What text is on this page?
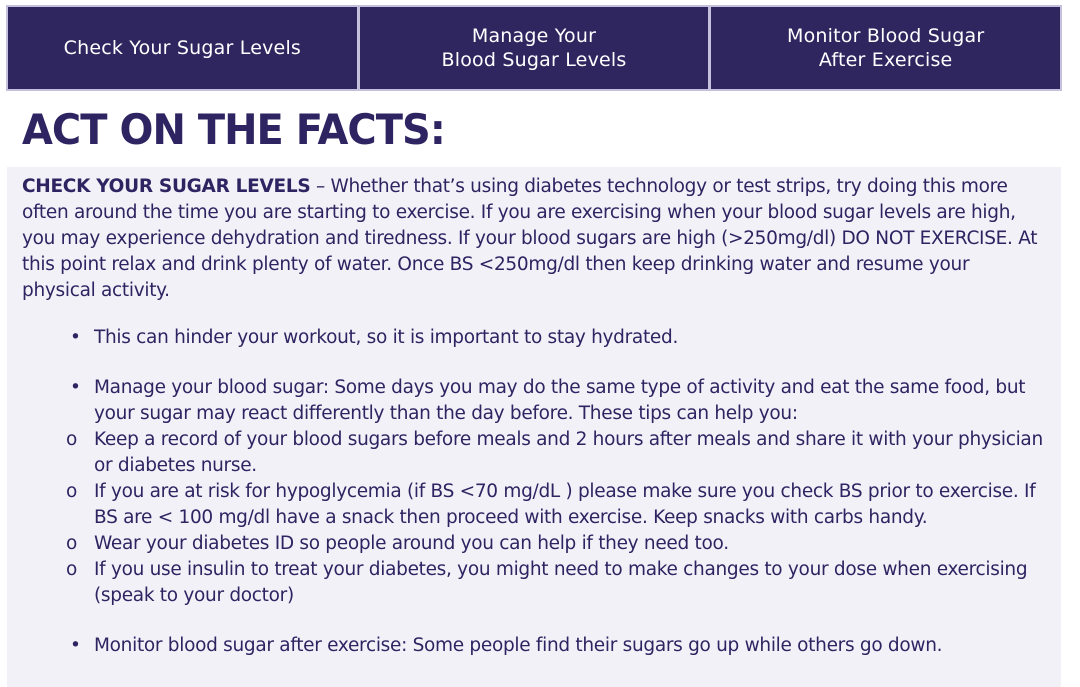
Check Your Sugar Levels
Manage Your
Blood Sugar Levels
Monitor Blood Sugar
After Exercise
ACT ON THE FACTS:

CHECK YOUR SUGAR LEVELS – Whether that’s using diabetes technology or test strips, try doing this more often around the time you are starting to exercise. If you are exercising when your blood sugar levels are high, you may experience dehydration and tiredness. If your blood sugars are high (>250mg/dl) DO NOT EXERCISE. At this point relax and drink plenty of water. Once BS <250mg/dl then keep drinking water and resume your physical activity.

• This can hinder your workout, so it is important to stay hydrated.
• Manage your blood sugar: Some days you may do the same type of activity and eat the same food, but your sugar may react differently than the day before. These tips can help you:
o Keep a record of your blood sugars before meals and 2 hours after meals and share it with your physician or diabetes nurse.
o If you are at risk for hypoglycemia (if BS <70 mg/dL ) please make sure you check BS prior to exercise. If BS are < 100 mg/dl have a snack then proceed with exercise. Keep snacks with carbs handy.
o Wear your diabetes ID so people around you can help if they need too.
o If you use insulin to treat your diabetes, you might need to make changes to your dose when exercising (speak to your doctor)
• Monitor blood sugar after exercise: Some people find their sugars go up while others go down.
